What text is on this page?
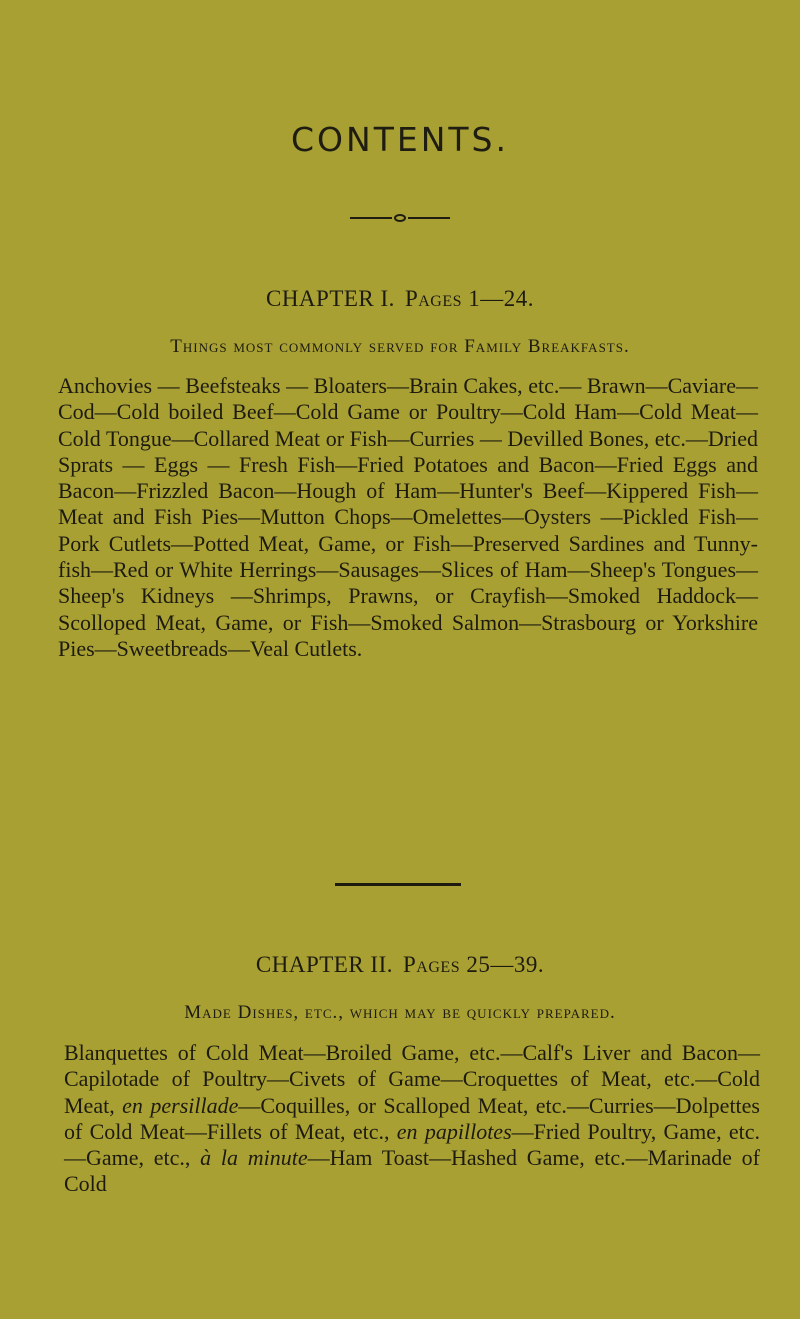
CONTENTS.
CHAPTER I. Pages 1—24.
Things most commonly served for Family Breakfasts.
Anchovies — Beefsteaks — Bloaters—Brain Cakes, etc.— Brawn—Caviare—Cod—Cold boiled Beef—Cold Game or Poultry—Cold Ham—Cold Meat—Cold Tongue—Collared Meat or Fish—Curries — Devilled Bones, etc.—Dried Sprats — Eggs — Fresh Fish—Fried Potatoes and Bacon—Fried Eggs and Bacon—Frizzled Bacon—Hough of Ham—Hunter's Beef—Kippered Fish—Meat and Fish Pies—Mutton Chops—Omelettes—Oysters —Pickled Fish—Pork Cutlets—Potted Meat, Game, or Fish—Preserved Sardines and Tunny-fish—Red or White Herrings—Sausages—Slices of Ham—Sheep's Tongues—Sheep's Kidneys —Shrimps, Prawns, or Crayfish—Smoked Haddock—Scolloped Meat, Game, or Fish—Smoked Salmon—Strasbourg or Yorkshire Pies—Sweetbreads—Veal Cutlets.
CHAPTER II. Pages 25—39.
Made Dishes, etc., which may be quickly prepared.
Blanquettes of Cold Meat—Broiled Game, etc.—Calf's Liver and Bacon—Capilotade of Poultry—Civets of Game—Croquettes of Meat, etc.—Cold Meat, en persillade—Coquilles, or Scalloped Meat, etc.—Curries—Dolpettes of Cold Meat—Fillets of Meat, etc., en papillotes—Fried Poultry, Game, etc.—Game, etc., à la minute—Ham Toast—Hashed Game, etc.—Marinade of Cold
